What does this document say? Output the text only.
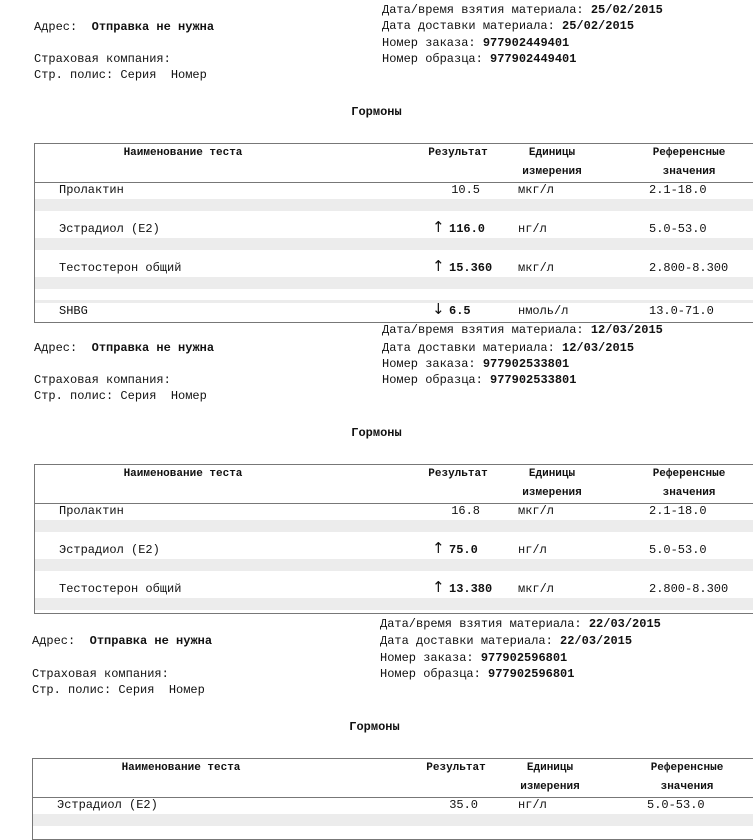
Дата/время взятия материала: 25/02/2015
Дата доставки материала: 25/02/2015
Номер заказа: 977902449401
Номер образца: 977902449401
Адрес: Отправка не нужна
Страховая компания:
Стр. полис: Серия  Номер
Гормоны
Наименование теста	Результат	Единицы
измерения
Референсные
значения
Пролактин	10.5	мкг/л	2.1-18.0
Эстрадиол (E2)	↑ 116.0	нг/л	5.0-53.0
Тестостерон общий	↑ 15.360 мкг/л	2.800-8.300
SHBG	↓ 6.5	нмоль/л	13.0-71.0
Дата/время взятия материала: 12/03/2015
Дата доставки материала: 12/03/2015
Номер заказа: 977902533801
Номер образца: 977902533801
Адрес: Отправка не нужна
Страховая компания:
Стр. полис: Серия  Номер
Гормоны
Наименование теста	Результат	Единицы
измерения
Референсные
значения
Пролактин	16.8	мкг/л	2.1-18.0
Эстрадиол (E2)	↑ 75.0	нг/л	5.0-53.0
Тестостерон общий	↑ 13.380 мкг/л	2.800-8.300
Дата/время взятия материала: 22/03/2015
Дата доставки материала: 22/03/2015
Номер заказа: 977902596801
Номер образца: 977902596801
Адрес: Отправка не нужна
Страховая компания:
Стр. полис: Серия  Номер
Гормоны
Наименование теста	Результат	Единицы
измерения
Референсные
значения
Эстрадиол (E2)	35.0	нг/л	5.0-53.0
